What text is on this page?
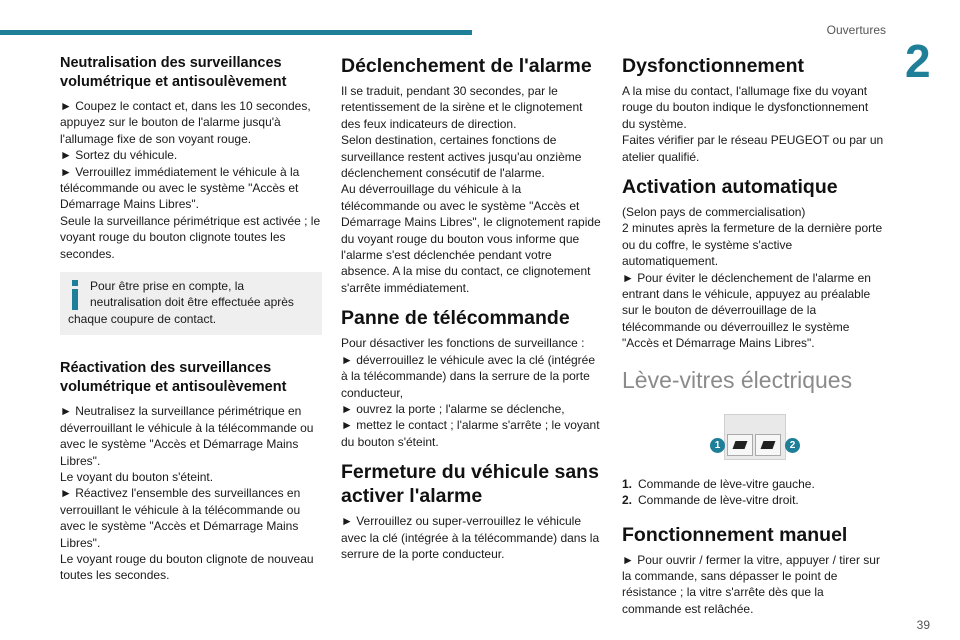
Ouvertures
2
Neutralisation des surveillances volumétrique et antisoulèvement

► Coupez le contact et, dans les 10 secondes, appuyez sur le bouton de l'alarme jusqu'à l'allumage fixe de son voyant rouge.

► Sortez du véhicule.

► Verrouillez immédiatement le véhicule à la télécommande ou avec le système "Accès et Démarrage Mains Libres".

Seule la surveillance périmétrique est activée ; le voyant rouge du bouton clignote toutes les secondes.

Pour être prise en compte, la neutralisation doit être effectuée après chaque coupure de contact.

Réactivation des surveillances volumétrique et antisoulèvement

► Neutralisez la surveillance périmétrique en déverrouillant le véhicule à la télécommande ou avec le système "Accès et Démarrage Mains Libres".

Le voyant du bouton s'éteint.

► Réactivez l'ensemble des surveillances en verrouillant le véhicule à la télécommande ou avec le système "Accès et Démarrage Mains Libres".

Le voyant rouge du bouton clignote de nouveau toutes les secondes.

Déclenchement de l'alarme

Il se traduit, pendant 30 secondes, par le retentissement de la sirène et le clignotement des feux indicateurs de direction.

Selon destination, certaines fonctions de surveillance restent actives jusqu'au onzième déclenchement consécutif de l'alarme.

Au déverrouillage du véhicule à la télécommande ou avec le système "Accès et Démarrage Mains Libres", le clignotement rapide du voyant rouge du bouton vous informe que l'alarme s'est déclenchée pendant votre absence. A la mise du contact, ce clignotement s'arrête immédiatement.

Panne de télécommande

Pour désactiver les fonctions de surveillance :

► déverrouillez le véhicule avec la clé (intégrée à la télécommande) dans la serrure de la porte conducteur,

► ouvrez la porte ; l'alarme se déclenche,

► mettez le contact ; l'alarme s'arrête ; le voyant du bouton s'éteint.

Fermeture du véhicule sans activer l'alarme

► Verrouillez ou super-verrouillez le véhicule avec la clé (intégrée à la télécommande) dans la serrure de la porte conducteur.

Dysfonctionnement

A la mise du contact, l'allumage fixe du voyant rouge du bouton indique le dysfonctionnement du système.

Faites vérifier par le réseau PEUGEOT ou par un atelier qualifié.

Activation automatique

(Selon pays de commercialisation)

2 minutes après la fermeture de la dernière porte ou du coffre, le système s'active automatiquement.

► Pour éviter le déclenchement de l'alarme en entrant dans le véhicule, appuyez au préalable sur le bouton de déverrouillage de la télécommande ou déverrouillez le système "Accès et Démarrage Mains Libres".

Lève-vitres électriques
1	2
1. Commande de lève-vitre gauche.
2. Commande de lève-vitre droit.
Fonctionnement manuel

► Pour ouvrir / fermer la vitre, appuyer / tirer sur la commande, sans dépasser le point de résistance ; la vitre s'arrête dès que la commande est relâchée.

39
